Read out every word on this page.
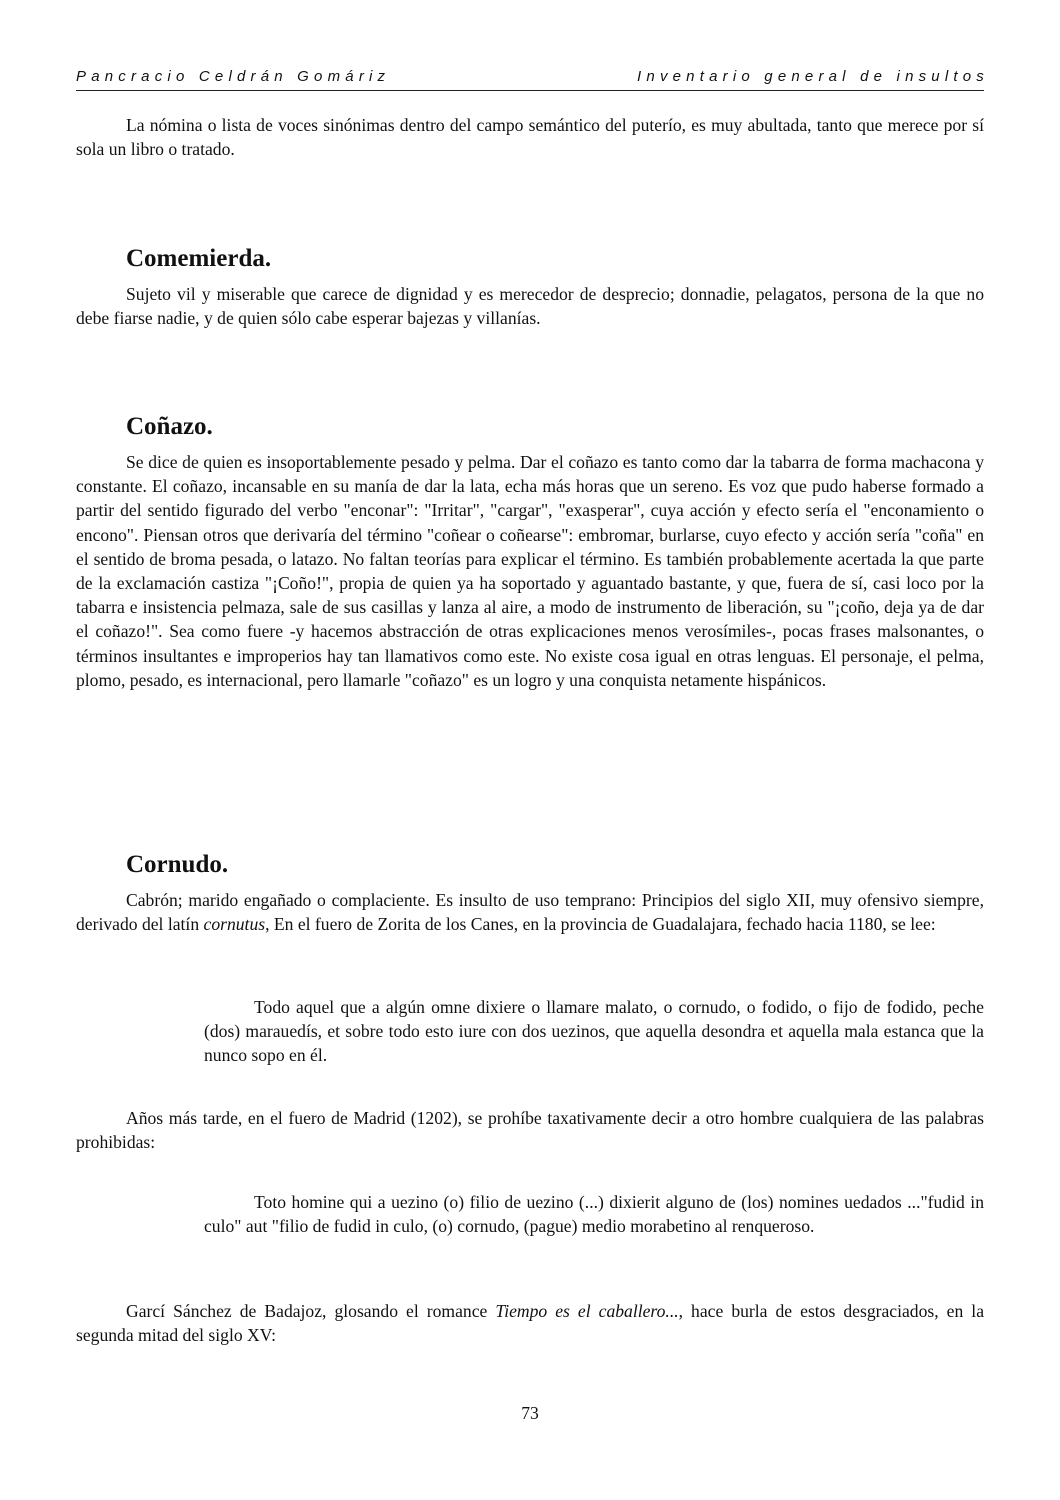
Pancracio Celdrán Gomáriz	Inventario general de insultos
La nómina o lista de voces sinónimas dentro del campo semántico del puterío, es muy abultada, tanto que merece por sí sola un libro o tratado.
Comemierda.
Sujeto vil y miserable que carece de dignidad y es merecedor de desprecio; donnadie, pelagatos, persona de la que no debe fiarse nadie, y de quien sólo cabe esperar bajezas y villanías.
Coñazo.
Se dice de quien es insoportablemente pesado y pelma. Dar el coñazo es tanto como dar la tabarra de forma machacona y constante. El coñazo, incansable en su manía de dar la lata, echa más horas que un sereno. Es voz que pudo haberse formado a partir del sentido figurado del verbo "enconar": "Irritar", "cargar", "exasperar", cuya acción y efecto sería el "enconamiento o encono". Piensan otros que derivaría del término "coñear o coñearse": embromar, burlarse, cuyo efecto y acción sería "coña" en el sentido de broma pesada, o latazo. No faltan teorías para explicar el término. Es también probablemente acertada la que parte de la exclamación castiza "¡Coño!", propia de quien ya ha soportado y aguantado bastante, y que, fuera de sí, casi loco por la tabarra e insistencia pelmaza, sale de sus casillas y lanza al aire, a modo de instrumento de liberación, su "¡coño, deja ya de dar el coñazo!". Sea como fuere -y hacemos abstracción de otras explicaciones menos verosímiles-, pocas frases malsonantes, o términos insultantes e improperios hay tan llamativos como este. No existe cosa igual en otras lenguas. El personaje, el pelma, plomo, pesado, es internacional, pero llamarle "coñazo" es un logro y una conquista netamente hispánicos.
Cornudo.
Cabrón; marido engañado o complaciente. Es insulto de uso temprano: Principios del siglo XII, muy ofensivo siempre, derivado del latín cornutus, En el fuero de Zorita de los Canes, en la provincia de Guadalajara, fechado hacia 1180, se lee:
Todo aquel que a algún omne dixiere o llamare malato, o cornudo, o fodido, o fijo de fodido, peche (dos) marauedís, et sobre todo esto iure con dos uezinos, que aquella desondra et aquella mala estanca que la nunco sopo en él.
Años más tarde, en el fuero de Madrid (1202), se prohíbe taxativamente decir a otro hombre cualquiera de las palabras prohibidas:
Toto homine qui a uezino (o) filio de uezino (...) dixierit alguno de (los) nomines uedados ..."fudid in culo" aut "filio de fudid in culo, (o) cornudo, (pague) medio morabetino al renqueroso.
Garcí Sánchez de Badajoz, glosando el romance Tiempo es el caballero..., hace burla de estos desgraciados, en la segunda mitad del siglo XV:
73
